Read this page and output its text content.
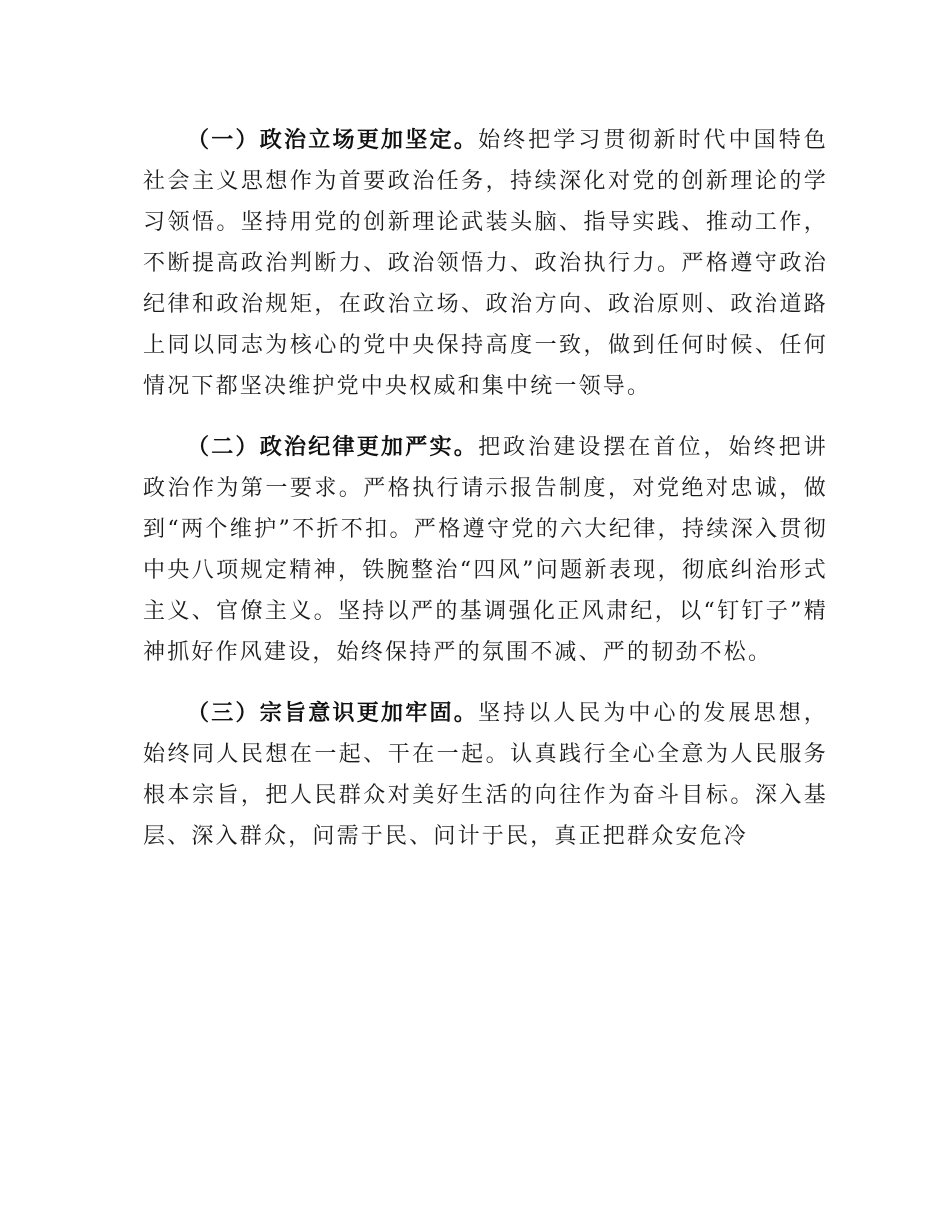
（一）政治立场更加坚定。始终把学习贯彻新时代中国特色社会主义思想作为首要政治任务，持续深化对党的创新理论的学习领悟。坚持用党的创新理论武装头脑、指导实践、推动工作，不断提高政治判断力、政治领悟力、政治执行力。严格遵守政治纪律和政治规矩，在政治立场、政治方向、政治原则、政治道路上同以同志为核心的党中央保持高度一致，做到任何时候、任何情况下都坚决维护党中央权威和集中统一领导。

（二）政治纪律更加严实。把政治建设摆在首位，始终把讲政治作为第一要求。严格执行请示报告制度，对党绝对忠诚，做到“两个维护”不折不扣。严格遵守党的六大纪律，持续深入贯彻中央八项规定精神，铁腕整治“四风”问题新表现，彻底纠治形式主义、官僚主义。坚持以严的基调强化正风肃纪，以“钉钉子”精神抓好作风建设，始终保持严的氛围不减、严的韧劲不松。

（三）宗旨意识更加牢固。坚持以人民为中心的发展思想，始终同人民想在一起、干在一起。认真践行全心全意为人民服务根本宗旨，把人民群众对美好生活的向往作为奋斗目标。深入基层、深入群众，问需于民、问计于民，真正把群众安危冷
